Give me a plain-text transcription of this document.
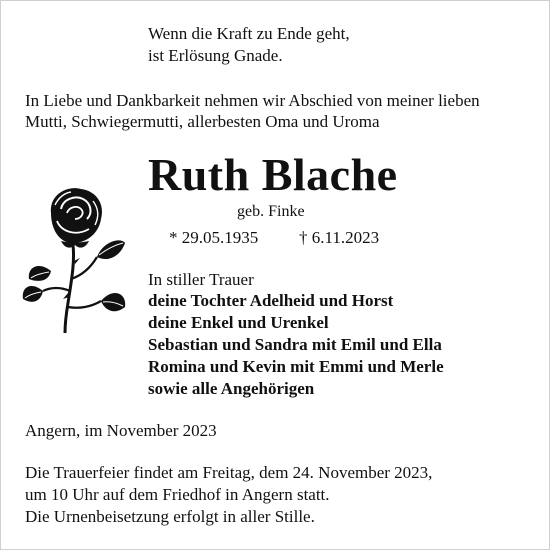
Wenn die Kraft zu Ende geht,
ist Erlösung Gnade.
In Liebe und Dankbarkeit nehmen wir Abschied von meiner lieben
Mutti, Schwiegermutti, allerbesten Oma und Uroma
Ruth Blache
geb. Finke
* 29.05.1935 † 6.11.2023
In stiller Trauer
deine Tochter Adelheid und Horst
deine Enkel und Urenkel
Sebastian und Sandra mit Emil und Ella
Romina und Kevin mit Emmi und Merle
sowie alle Angehörigen
Angern, im November 2023
Die Trauerfeier findet am Freitag, dem 24. November 2023,
um 10 Uhr auf dem Friedhof in Angern statt.
Die Urnenbeisetzung erfolgt in aller Stille.
